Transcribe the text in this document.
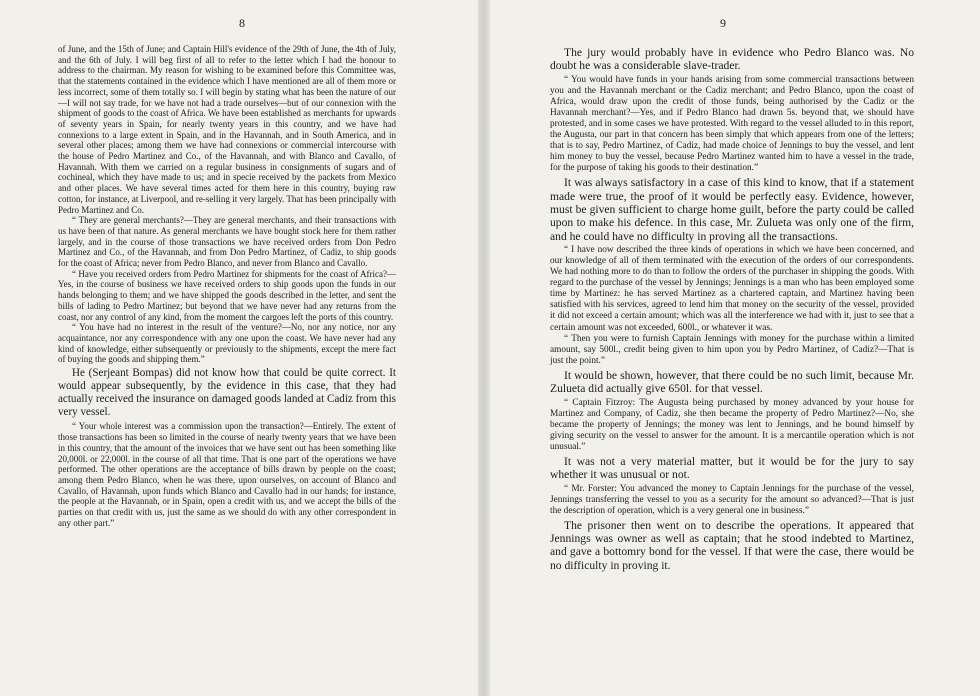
8

of June, and the 15th of June; and Captain Hill's evidence of the 29th of June, the 4th of July, and the 6th of July. I will beg first of all to refer to the letter which I had the honour to address to the chairman. My reason for wishing to be examined before this Committee was, that the statements contained in the evidence which I have mentioned are all of them more or less incorrect, some of them totally so. I will begin by stating what has been the nature of our—I will not say trade, for we have not had a trade ourselves—but of our connexion with the shipment of goods to the coast of Africa. We have been established as merchants for upwards of seventy years in Spain, for nearly twenty years in this country, and we have had connexions to a large extent in Spain, and in the Havannah, and in South America, and in several other places; among them we have had connexions or commercial intercourse with the house of Pedro Martinez and Co., of the Havannah, and with Blanco and Cavallo, of Havannah. With them we carried on a regular business in consignments of sugars and of cochineal, which they have made to us; and in specie received by the packets from Mexico and other places. We have several times acted for them here in this country, buying raw cotton, for instance, at Liverpool, and re-selling it very largely. That has been principally with Pedro Martinez and Co.

“ They are general merchants?—They are general merchants, and their transactions with us have been of that nature. As general merchants we have bought stock here for them rather largely, and in the course of those transactions we have received orders from Don Pedro Martinez and Co., of the Havannah, and from Don Pedro Martinez, of Cadiz, to ship goods for the coast of Africa; never from Pedro Blanco, and never from Blanco and Cavallo.

“ Have you received orders from Pedro Martinez for shipments for the coast of Africa?—Yes, in the course of business we have received orders to ship goods upon the funds in our hands belonging to them; and we have shipped the goods described in the letter, and sent the bills of lading to Pedro Martinez; but beyond that we have never had any returns from the coast, nor any control of any kind, from the moment the cargoes left the ports of this country.

“ You have had no interest in the result of the venture?—No, nor any notice, nor any acquaintance, nor any correspondence with any one upon the coast. We have never had any kind of knowledge, either subsequently or previously to the shipments, except the mere fact of buying the goods and shipping them.”

He (Serjeant Bompas) did not know how that could be quite correct. It would appear subsequently, by the evidence in this case, that they had actually received the insurance on damaged goods landed at Cadiz from this very vessel.

“ Your whole interest was a commission upon the transaction?—Entirely. The extent of those transactions has been so limited in the course of nearly twenty years that we have been in this country, that the amount of the invoices that we have sent out has been something like 20,000l. or 22,000l. in the course of all that time. That is one part of the operations we have performed. The other operations are the acceptance of bills drawn by people on the coast; among them Pedro Blanco, when he was there, upon ourselves, on account of Blanco and Cavallo, of Havannah, upon funds which Blanco and Cavallo had in our hands; for instance, the people at the Havannah, or in Spain, open a credit with us, and we accept the bills of the parties on that credit with us, just the same as we should do with any other correspondent in any other part.”

9

The jury would probably have in evidence who Pedro Blanco was. No doubt he was a considerable slave-trader.

“ You would have funds in your hands arising from some commercial transactions between you and the Havannah merchant or the Cadiz merchant; and Pedro Blanco, upon the coast of Africa, would draw upon the credit of those funds, being authorised by the Cadiz or the Havannah merchant?—Yes, and if Pedro Blanco had drawn 5s. beyond that, we should have protested, and in some cases we have protested. With regard to the vessel alluded to in this report, the Augusta, our part in that concern has been simply that which appears from one of the letters; that is to say, Pedro Martinez, of Cadiz, had made choice of Jennings to buy the vessel, and lent him money to buy the vessel, because Pedro Martinez wanted him to have a vessel in the trade, for the purpose of taking his goods to their destination.”

It was always satisfactory in a case of this kind to know, that if a statement made were true, the proof of it would be perfectly easy. Evidence, however, must be given sufficient to charge home guilt, before the party could be called upon to make his defence. In this case, Mr. Zulueta was only one of the firm, and he could have no difficulty in proving all the transactions.

“ I have now described the three kinds of operations in which we have been concerned, and our knowledge of all of them terminated with the execution of the orders of our correspondents. We had nothing more to do than to follow the orders of the purchaser in shipping the goods. With regard to the purchase of the vessel by Jennings; Jennings is a man who has been employed some time by Martinez: he has served Martinez as a chartered captain, and Martinez having been satisfied with his services, agreed to lend him that money on the security of the vessel, provided it did not exceed a certain amount; which was all the interference we had with it, just to see that a certain amount was not exceeded, 600l., or whatever it was.

“ Then you were to furnish Captain Jennings with money for the purchase within a limited amount, say 500l., credit being given to him upon you by Pedro Martinez, of Cadiz?—That is just the point.”

It would be shown, however, that there could be no such limit, because Mr. Zulueta did actually give 650l. for that vessel.

“ Captain Fitzroy: The Augusta being purchased by money advanced by your house for Martinez and Company, of Cadiz, she then became the property of Pedro Martinez?—No, she became the property of Jennings; the money was lent to Jennings, and he bound himself by giving security on the vessel to answer for the amount. It is a mercantile operation which is not unusual.”

It was not a very material matter, but it would be for the jury to say whether it was unusual or not.

“ Mr. Forster: You advanced the money to Captain Jennings for the purchase of the vessel, Jennings transferring the vessel to you as a security for the amount so advanced?—That is just the description of operation, which is a very general one in business.”

The prisoner then went on to describe the operations. It appeared that Jennings was owner as well as captain; that he stood indebted to Martinez, and gave a bottomry bond for the vessel. If that were the case, there would be no difficulty in proving it.
